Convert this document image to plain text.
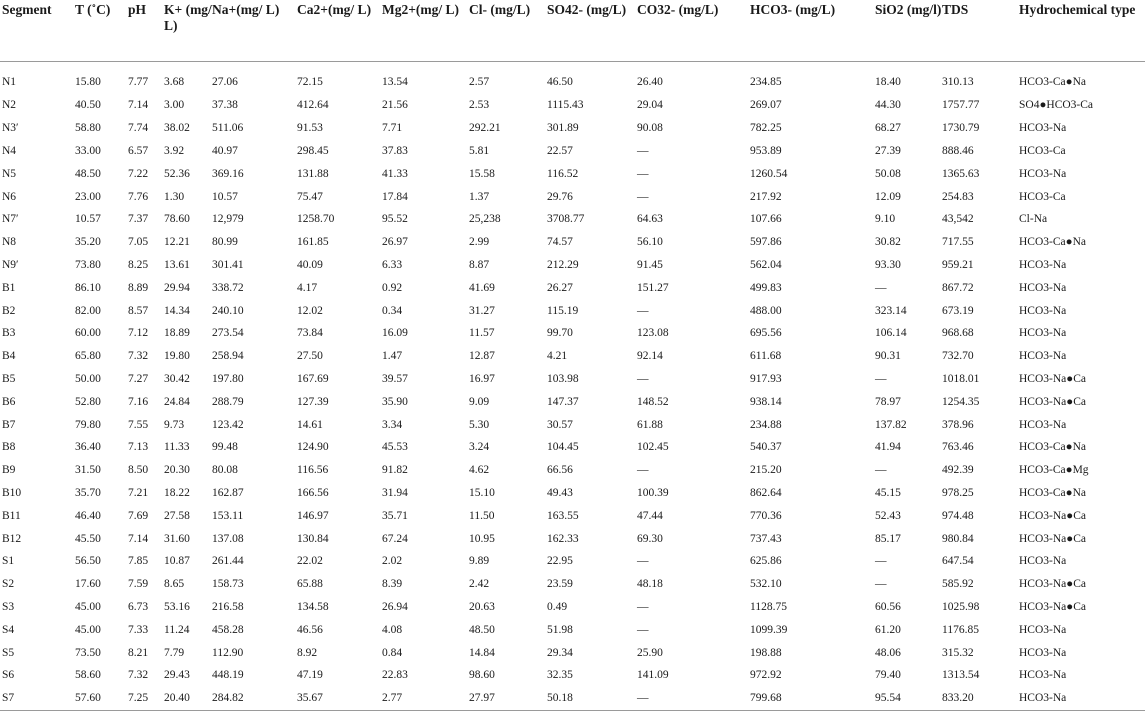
Segment	T (˚C)	pH	K+ (mg/ L)	Na+(mg/ L)	Ca2+(mg/ L)	Mg2+(mg/ L)	Cl- (mg/L)	SO42- (mg/L)	CO32- (mg/L)	HCO3- (mg/L)	SiO2 (mg/l)	TDS	Hydrochemical type
N1	15.80	7.77	3.68	27.06	72.15	13.54	2.57	46.50	26.40	234.85	18.40	310.13	HCO3-Ca●Na
N2	40.50	7.14	3.00	37.38	412.64	21.56	2.53	1115.43	29.04	269.07	44.30	1757.77	SO4●HCO3-Ca
N3′	58.80	7.74	38.02	511.06	91.53	7.71	292.21	301.89	90.08	782.25	68.27	1730.79	HCO3-Na
N4	33.00	6.57	3.92	40.97	298.45	37.83	5.81	22.57	—	953.89	27.39	888.46	HCO3-Ca
N5	48.50	7.22	52.36	369.16	131.88	41.33	15.58	116.52	—	1260.54	50.08	1365.63	HCO3-Na
N6	23.00	7.76	1.30	10.57	75.47	17.84	1.37	29.76	—	217.92	12.09	254.83	HCO3-Ca
N7′	10.57	7.37	78.60	12,979	1258.70	95.52	25,238	3708.77	64.63	107.66	9.10	43,542	Cl-Na
N8	35.20	7.05	12.21	80.99	161.85	26.97	2.99	74.57	56.10	597.86	30.82	717.55	HCO3-Ca●Na
N9′	73.80	8.25	13.61	301.41	40.09	6.33	8.87	212.29	91.45	562.04	93.30	959.21	HCO3-Na
B1	86.10	8.89	29.94	338.72	4.17	0.92	41.69	26.27	151.27	499.83	—	867.72	HCO3-Na
B2	82.00	8.57	14.34	240.10	12.02	0.34	31.27	115.19	—	488.00	323.14	673.19	HCO3-Na
B3	60.00	7.12	18.89	273.54	73.84	16.09	11.57	99.70	123.08	695.56	106.14	968.68	HCO3-Na
B4	65.80	7.32	19.80	258.94	27.50	1.47	12.87	4.21	92.14	611.68	90.31	732.70	HCO3-Na
B5	50.00	7.27	30.42	197.80	167.69	39.57	16.97	103.98	—	917.93	—	1018.01	HCO3-Na●Ca
B6	52.80	7.16	24.84	288.79	127.39	35.90	9.09	147.37	148.52	938.14	78.97	1254.35	HCO3-Na●Ca
B7	79.80	7.55	9.73	123.42	14.61	3.34	5.30	30.57	61.88	234.88	137.82	378.96	HCO3-Na
B8	36.40	7.13	11.33	99.48	124.90	45.53	3.24	104.45	102.45	540.37	41.94	763.46	HCO3-Ca●Na
B9	31.50	8.50	20.30	80.08	116.56	91.82	4.62	66.56	—	215.20	—	492.39	HCO3-Ca●Mg
B10	35.70	7.21	18.22	162.87	166.56	31.94	15.10	49.43	100.39	862.64	45.15	978.25	HCO3-Ca●Na
B11	46.40	7.69	27.58	153.11	146.97	35.71	11.50	163.55	47.44	770.36	52.43	974.48	HCO3-Na●Ca
B12	45.50	7.14	31.60	137.08	130.84	67.24	10.95	162.33	69.30	737.43	85.17	980.84	HCO3-Na●Ca
S1	56.50	7.85	10.87	261.44	22.02	2.02	9.89	22.95	—	625.86	—	647.54	HCO3-Na
S2	17.60	7.59	8.65	158.73	65.88	8.39	2.42	23.59	48.18	532.10	—	585.92	HCO3-Na●Ca
S3	45.00	6.73	53.16	216.58	134.58	26.94	20.63	0.49	—	1128.75	60.56	1025.98	HCO3-Na●Ca
S4	45.00	7.33	11.24	458.28	46.56	4.08	48.50	51.98	—	1099.39	61.20	1176.85	HCO3-Na
S5	73.50	8.21	7.79	112.90	8.92	0.84	14.84	29.34	25.90	198.88	48.06	315.32	HCO3-Na
S6	58.60	7.32	29.43	448.19	47.19	22.83	98.60	32.35	141.09	972.92	79.40	1313.54	HCO3-Na
S7	57.60	7.25	20.40	284.82	35.67	2.77	27.97	50.18	—	799.68	95.54	833.20	HCO3-Na
